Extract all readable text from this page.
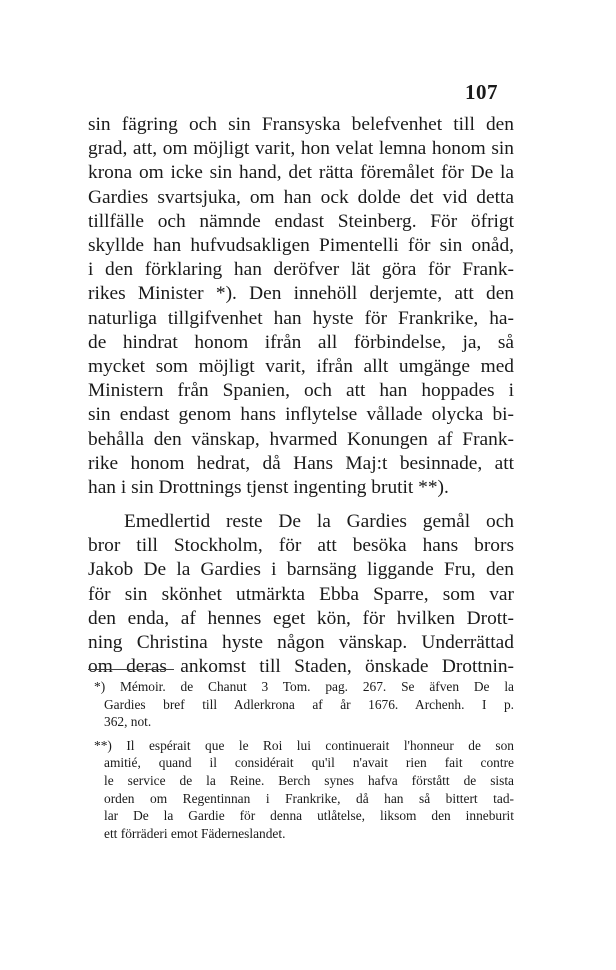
107
sin fägring och sin Fransyska belefvenhet till den
grad, att, om möjligt varit, hon velat lemna honom sin
krona om icke sin hand, det rätta föremålet för De la
Gardies svartsjuka, om han ock dolde det vid detta
tillfälle och nämnde endast Steinberg. För öfrigt
skyllde han hufvudsakligen Pimentelli för sin onåd,
i den förklaring han deröfver lät göra för Frank-
rikes Minister *). Den innehöll derjemte, att den
naturliga tillgifvenhet han hyste för Frankrike, ha-
de hindrat honom ifrån all förbindelse, ja, så
mycket som möjligt varit, ifrån allt umgänge med
Ministern från Spanien, och att han hoppades i
sin endast genom hans inflytelse vållade olycka bi-
behålla den vänskap, hvarmed Konungen af Frank-
rike honom hedrat, då Hans Maj:t besinnade, att
han i sin Drottnings tjenst ingenting brutit **).
Emedlertid reste De la Gardies gemål och
bror till Stockholm, för att besöka hans brors
Jakob De la Gardies i barnsäng liggande Fru, den
för sin skönhet utmärkta Ebba Sparre, som var
den enda, af hennes eget kön, för hvilken Drott-
ning Christina hyste någon vänskap. Underrättad
om deras ankomst till Staden, önskade Drottnin-
*) Mémoir. de Chanut 3 Tom. pag. 267. Se äfven De la
Gardies bref till Adlerkrona af år 1676. Archenh. I p.
362, not.
**) Il espérait que le Roi lui continuerait l'honneur de son
amitié, quand il considérait qu'il n'avait rien fait contre
le service de la Reine. Berch synes hafva förstått de sista
orden om Regentinnan i Frankrike, då han så bittert tad-
lar De la Gardie för denna utlåtelse, liksom den inneburit
ett förräderi emot Fäderneslandet.
